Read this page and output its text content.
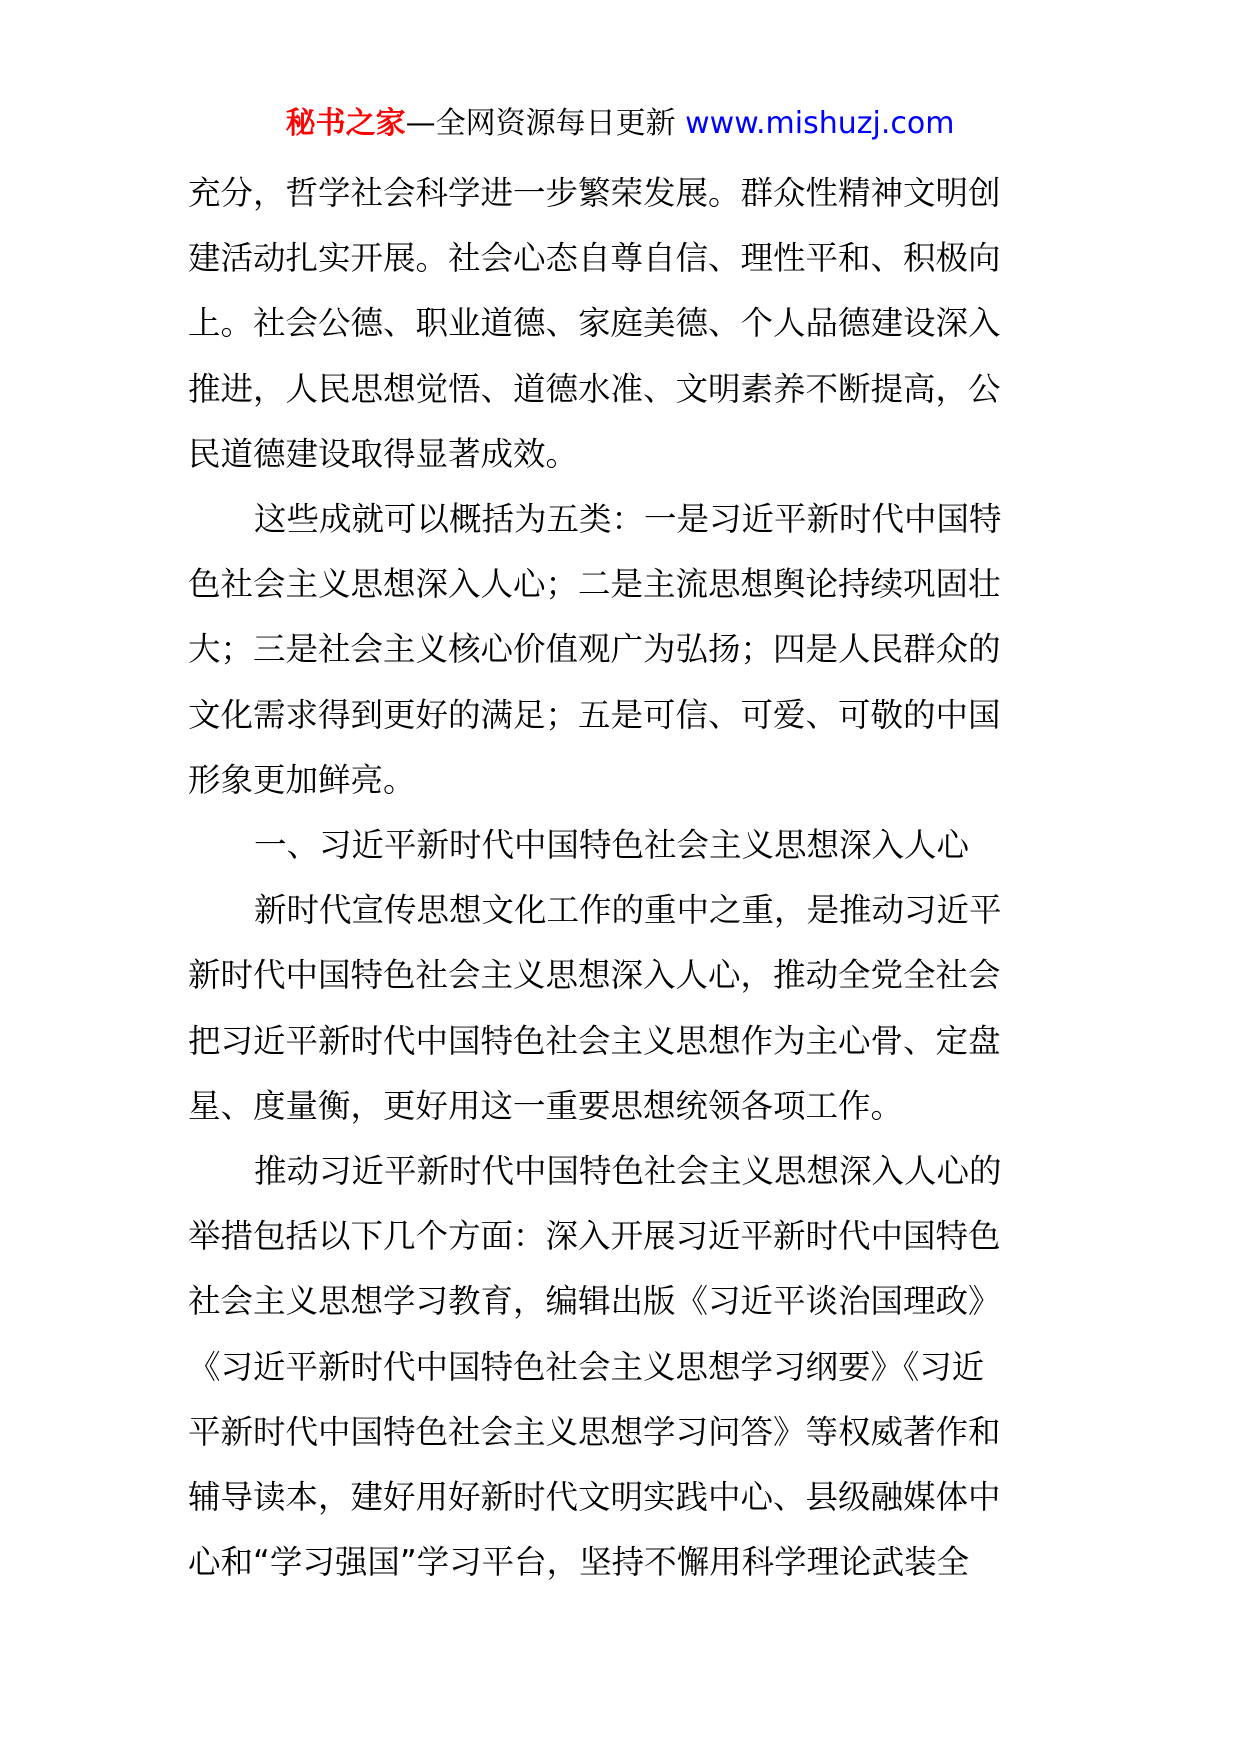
秘书之家—全网资源每日更新 www.mishuzj.com
充分，哲学社会科学进一步繁荣发展。群众性精神文明创
建活动扎实开展。社会心态自尊自信、理性平和、积极向
上。社会公德、职业道德、家庭美德、个人品德建设深入
推进，人民思想觉悟、道德水准、文明素养不断提高，公
民道德建设取得显著成效。
这些成就可以概括为五类：一是习近平新时代中国特
色社会主义思想深入人心；二是主流思想舆论持续巩固壮
大；三是社会主义核心价值观广为弘扬；四是人民群众的
文化需求得到更好的满足；五是可信、可爱、可敬的中国
形象更加鲜亮。
一、习近平新时代中国特色社会主义思想深入人心
新时代宣传思想文化工作的重中之重，是推动习近平
新时代中国特色社会主义思想深入人心，推动全党全社会
把习近平新时代中国特色社会主义思想作为主心骨、定盘
星、度量衡，更好用这一重要思想统领各项工作。
推动习近平新时代中国特色社会主义思想深入人心的
举措包括以下几个方面：深入开展习近平新时代中国特色
社会主义思想学习教育，编辑出版《习近平谈治国理政》
《习近平新时代中国特色社会主义思想学习纲要》《习近
平新时代中国特色社会主义思想学习问答》等权威著作和
辅导读本，建好用好新时代文明实践中心、县级融媒体中
心和“学习强国”学习平台，坚持不懈用科学理论武装全
